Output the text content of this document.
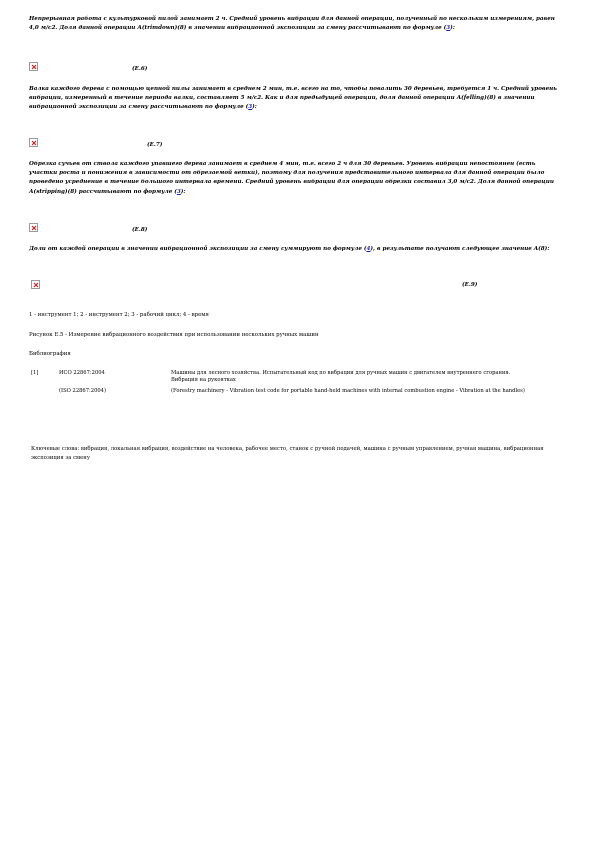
Непрерывная работа с культурковой пилой занимает 2 ч. Средний уровень вибрации для данной операции, полученный по нескольким измерениям, равен 4,0 м/с2. Доля данной операции А(trimdown)(8) в значении вибрационной экспозиции за смену рассчитывают по формуле (3):
(Е.6)
Валка каждого дерева с помощью цепной пилы занимает в среднем 2 мин, т.е. всего на то, чтобы повалить 30 деревьев, требуется 1 ч. Средний уровень вибрации, измеренный в течение периода валки, составляет 5 м/с2. Как и для предыдущей операции, доля данной операции А(felling)(8) в значении вибрационной экспозиции за смену рассчитывают по формуле (3):
(Е.7)
Обрезка сучьев от ствола каждого упавшего дерева занимает в среднем 4 мин, т.е. всего 2 ч для 30 деревьев. Уровень вибрации непостоянен (есть участки роста и понижения в зависимости от обрезаемой ветки), поэтому для получения представительного интервала для данной операции было проведено усреднение в течение большого интервала времени. Средний уровень вибрации для операции обрезки составил 3,0 м/с2. Доля данной операции А(stripping)(8) рассчитывают по формуле (3):
(Е.8)
Доли от каждой операции в значении вибрационной экспозиции за смену суммируют по формуле (4), в результате получают следующее значение A(8):
(Е.9)
1 - инструмент 1; 2 - инструмент 2; 3 - рабочий цикл; 4 - время
Рисунок Е.5 - Измерение вибрационного воздействия при использовании нескольких ручных машин
Библиография
[1]	ИСО 22867:2004	Машины для лесного хозяйства. Испытательный код по вибрации для ручных машин с двигателем внутреннего сгорания. Вибрация на рукоятках

	(ISO 22867:2004)	(Forestry machinery - Vibration test code for portable hand-held machines with internal combustion engine - Vibration at the handles)
Ключевые слова: вибрация, локальная вибрация, воздействие на человека, рабочее место, станок с ручной подачей, машина с ручным управлением, ручная машина, вибрационная экспозиция за смену
